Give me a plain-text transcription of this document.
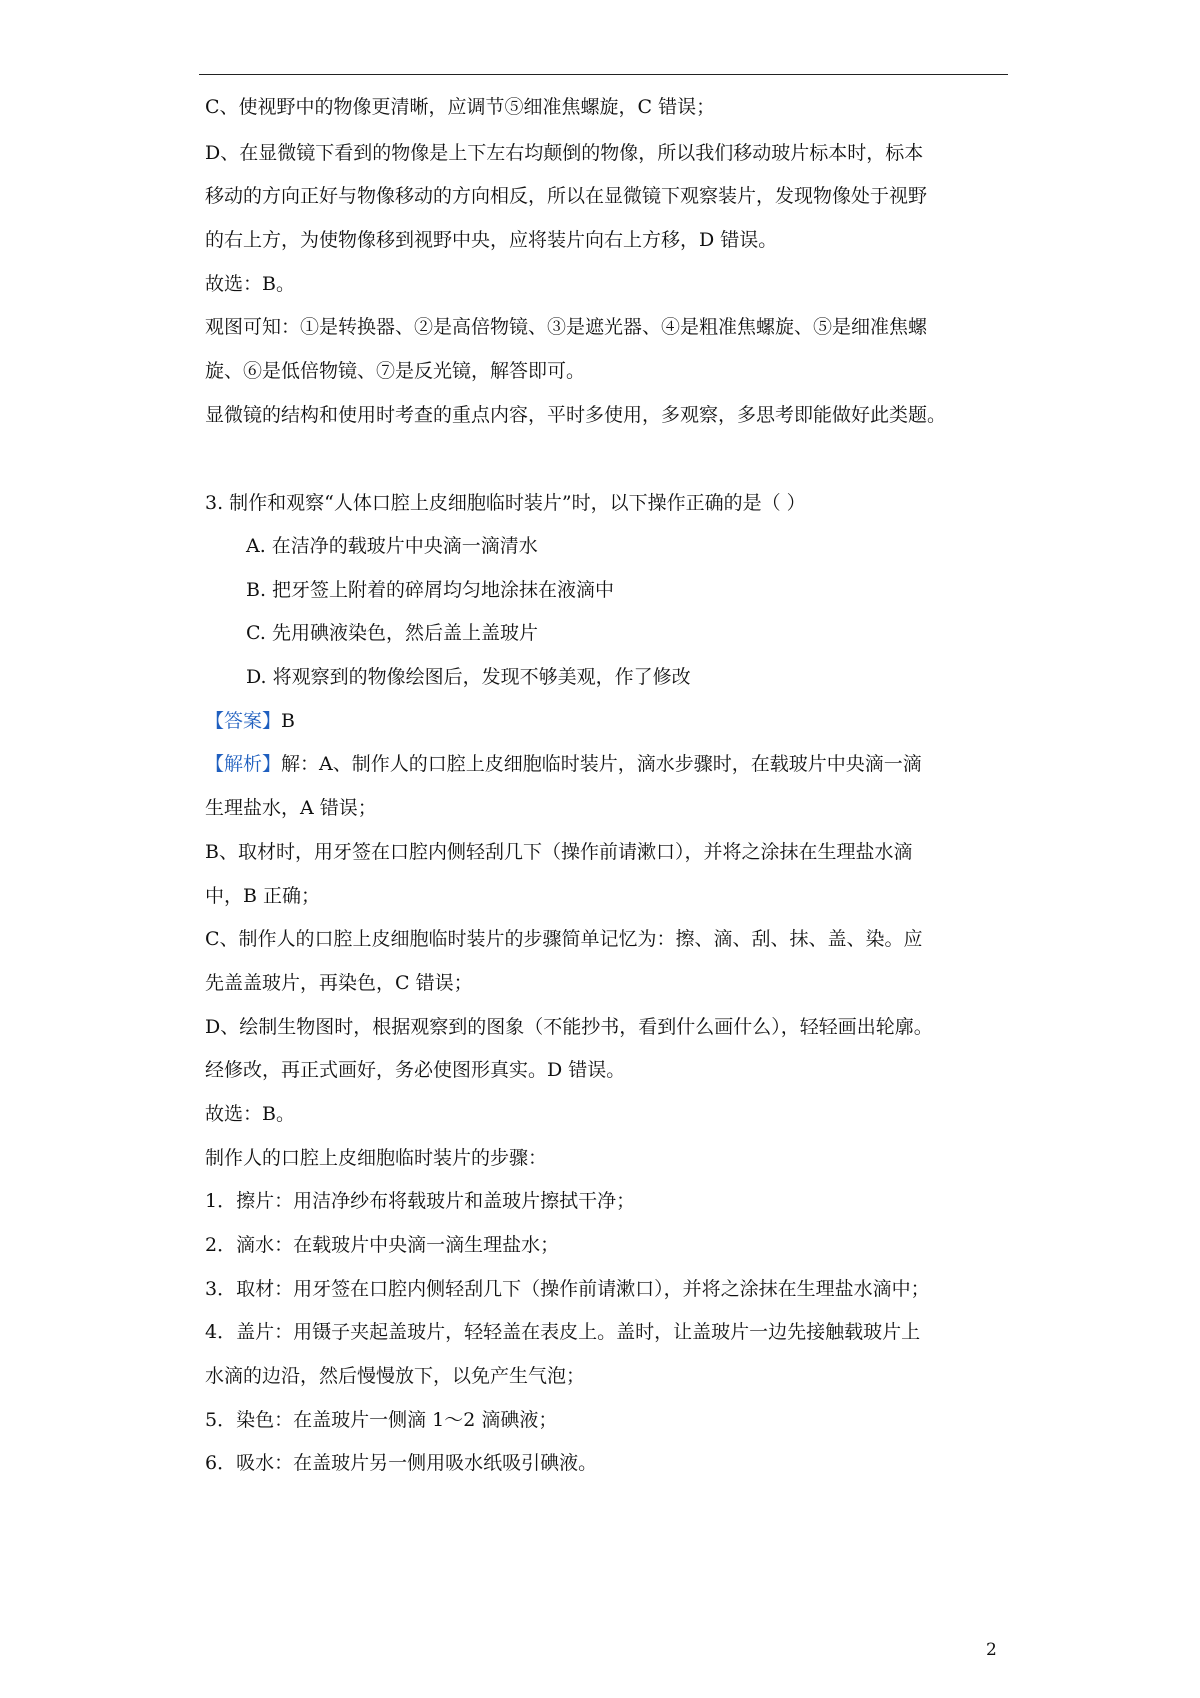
C、使视野中的物像更清晰，应调节⑤细准焦螺旋，C 错误；
D、在显微镜下看到的物像是上下左右均颠倒的物像，所以我们移动玻片标本时，标本
移动的方向正好与物像移动的方向相反，所以在显微镜下观察装片，发现物像处于视野
的右上方，为使物像移到视野中央，应将装片向右上方移，D 错误。
故选：B。
观图可知：①是转换器、②是高倍物镜、③是遮光器、④是粗准焦螺旋、⑤是细准焦螺
旋、⑥是低倍物镜、⑦是反光镜，解答即可。
显微镜的结构和使用时考查的重点内容，平时多使用，多观察，多思考即能做好此类题。
3. 制作和观察“人体口腔上皮细胞临时装片”时，以下操作正确的是（ ）
A. 在洁净的载玻片中央滴一滴清水
B. 把牙签上附着的碎屑均匀地涂抹在液滴中
C. 先用碘液染色，然后盖上盖玻片
D. 将观察到的物像绘图后，发现不够美观，作了修改
【答案】B
【解析】解：A、制作人的口腔上皮细胞临时装片，滴水步骤时，在载玻片中央滴一滴
生理盐水，A 错误；
B、取材时，用牙签在口腔内侧轻刮几下（操作前请漱口），并将之涂抹在生理盐水滴
中，B 正确；
C、制作人的口腔上皮细胞临时装片的步骤简单记忆为：擦、滴、刮、抹、盖、染。应
先盖盖玻片，再染色，C 错误；
D、绘制生物图时，根据观察到的图象（不能抄书，看到什么画什么），轻轻画出轮廓。
经修改，再正式画好，务必使图形真实。D 错误。
故选：B。
制作人的口腔上皮细胞临时装片的步骤：
1．擦片：用洁净纱布将载玻片和盖玻片擦拭干净；
2．滴水：在载玻片中央滴一滴生理盐水；
3．取材：用牙签在口腔内侧轻刮几下（操作前请漱口），并将之涂抹在生理盐水滴中；
4．盖片：用镊子夹起盖玻片，轻轻盖在表皮上。盖时，让盖玻片一边先接触载玻片上
水滴的边沿，然后慢慢放下，以免产生气泡；
5．染色：在盖玻片一侧滴 1～2 滴碘液；
6．吸水：在盖玻片另一侧用吸水纸吸引碘液。
2
